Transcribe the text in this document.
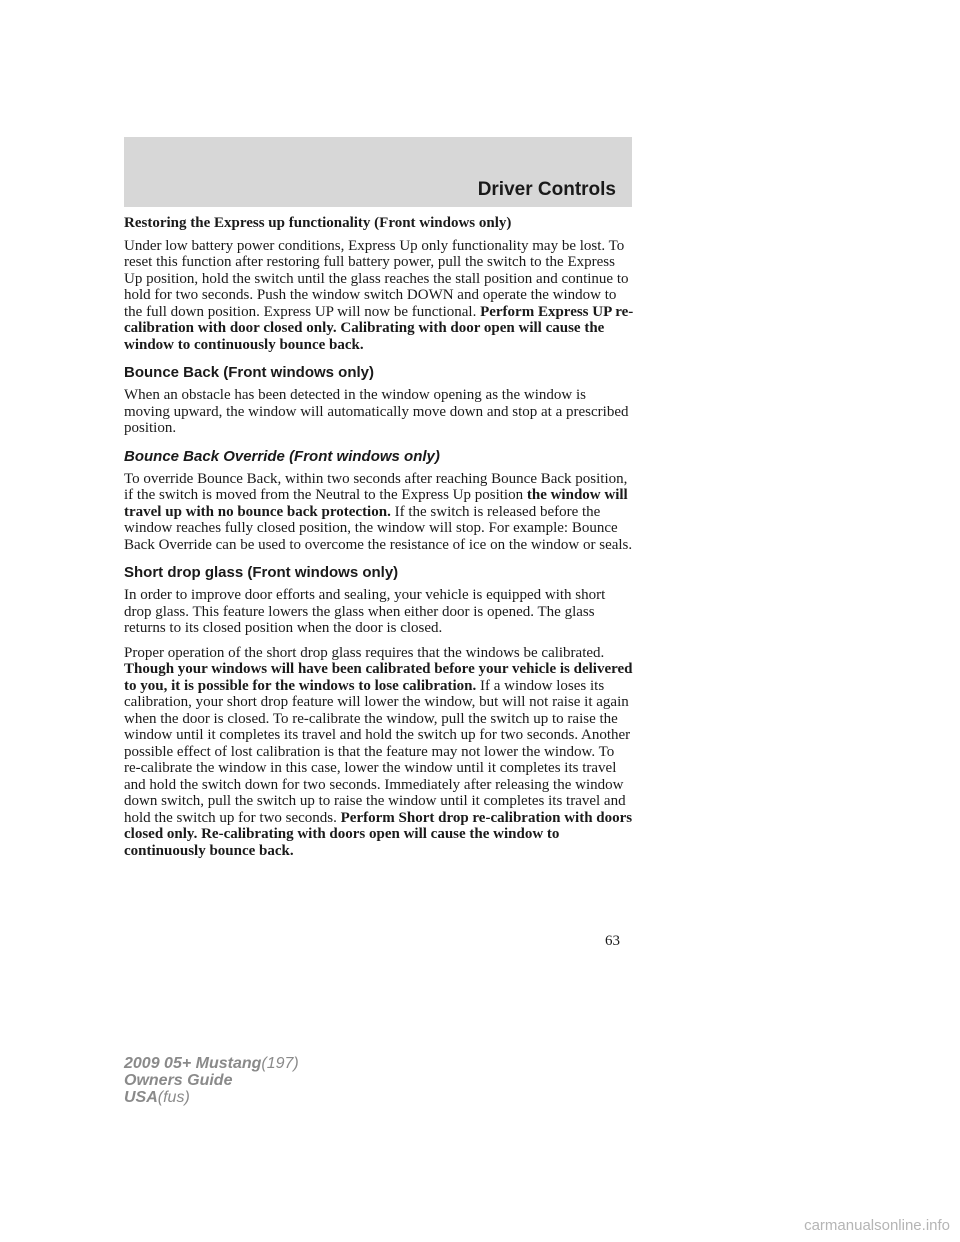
Driver Controls

Restoring the Express up functionality (Front windows only)

Under low battery power conditions, Express Up only functionality may be lost. To reset this function after restoring full battery power, pull the switch to the Express Up position, hold the switch until the glass reaches the stall position and continue to hold for two seconds. Push the window switch DOWN and operate the window to the full down position. Express UP will now be functional. Perform Express UP re-calibration with door closed only. Calibrating with door open will cause the window to continuously bounce back.

Bounce Back (Front windows only)

When an obstacle has been detected in the window opening as the window is moving upward, the window will automatically move down and stop at a prescribed position.

Bounce Back Override (Front windows only)

To override Bounce Back, within two seconds after reaching Bounce Back position, if the switch is moved from the Neutral to the Express Up position the window will travel up with no bounce back protection. If the switch is released before the window reaches fully closed position, the window will stop. For example: Bounce Back Override can be used to overcome the resistance of ice on the window or seals.

Short drop glass (Front windows only)

In order to improve door efforts and sealing, your vehicle is equipped with short drop glass. This feature lowers the glass when either door is opened. The glass returns to its closed position when the door is closed.

Proper operation of the short drop glass requires that the windows be calibrated. Though your windows will have been calibrated before your vehicle is delivered to you, it is possible for the windows to lose calibration. If a window loses its calibration, your short drop feature will lower the window, but will not raise it again when the door is closed. To re-calibrate the window, pull the switch up to raise the window until it completes its travel and hold the switch up for two seconds. Another possible effect of lost calibration is that the feature may not lower the window. To re-calibrate the window in this case, lower the window until it completes its travel and hold the switch down for two seconds. Immediately after releasing the window down switch, pull the switch up to raise the window until it completes its travel and hold the switch up for two seconds. Perform Short drop re-calibration with doors closed only. Re-calibrating with doors open will cause the window to continuously bounce back.

63
2009 05+ Mustang(197)
Owners Guide
USA(fus)
carmanualsonline.info
